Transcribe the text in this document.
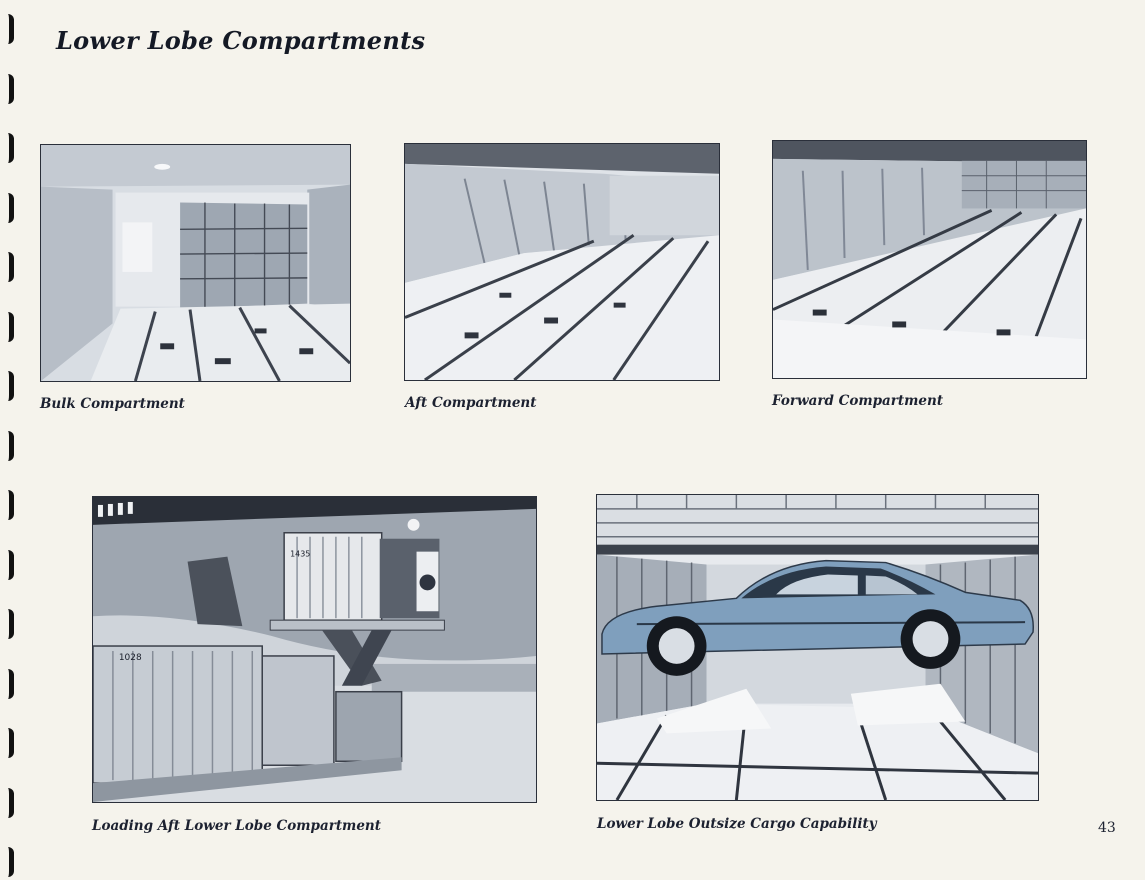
Lower Lobe Compartments

Bulk Compartment	Aft Compartment	Forward Compartment

1435
1028

Loading Aft Lower Lobe Compartment	Lower Lobe Outsize Cargo Capability	43
